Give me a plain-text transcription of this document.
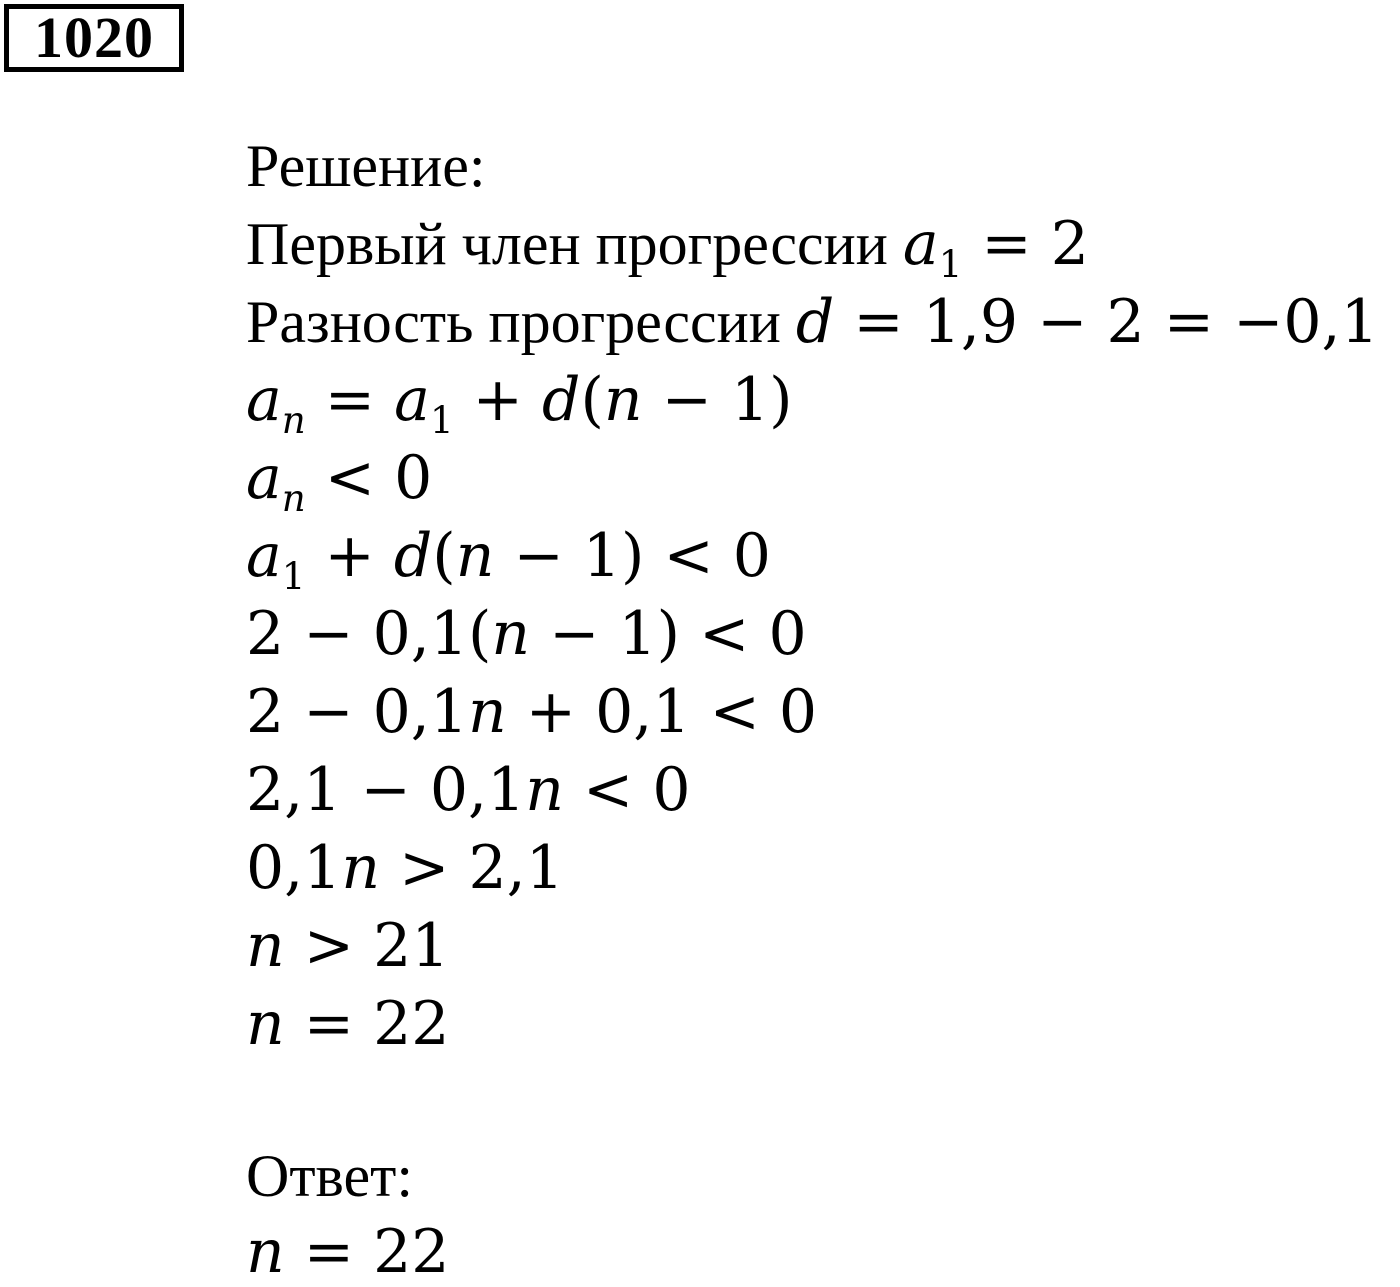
1020
Решение:
Первый член прогрессии $a_1 = 2$
Разность прогрессии d = 1,9 − 2 = −0,1
$a_n = a_1 + d(n - 1)$
$a_n < 0$
$a_1 + d(n - 1) < 0$
2 − 0,1(n − 1) < 0
2 − 0,1n + 0,1 < 0
2,1 − 0,1n < 0
0,1n > 2,1
n > 21
n = 22
Ответ:
n = 22
